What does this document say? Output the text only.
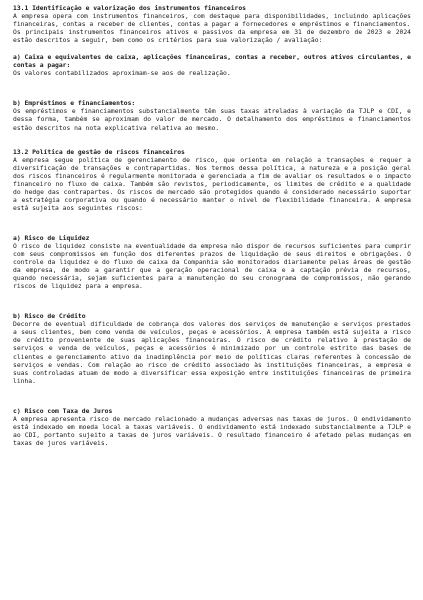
13.1 Identificação e valorização dos instrumentos financeiros

A empresa opera com instrumentos financeiros, com destaque para disponibilidades, incluindo aplicações financeiras, contas a receber de clientes, contas a pagar a fornecedores e empréstimos e financiamentos.

Os principais instrumentos financeiros ativos e passivos da empresa em 31 de dezembro de 2023 e 2024 estão descritos a seguir, bem como os critérios para sua valorização / avaliação:

a) Caixa e equivalentes de caixa, aplicações financeiras, contas a receber, outros ativos circulantes, e contas a pagar:

Os valores contabilizados aproximam-se aos de realização.

b) Empréstimos e financiamentos:

Os empréstimos e financiamentos substancialmente têm suas taxas atreladas à variação da TJLP e CDI, e dessa forma, também se aproximam do valor de mercado. O detalhamento dos empréstimos e financiamentos estão descritos na nota explicativa relativa ao mesmo.

13.2 Política de gestão de riscos financeiros

A empresa segue política de gerenciamento de risco, que orienta em relação a transações e requer a diversificação de transações e contrapartidas. Nos termos dessa política, a natureza e a posição geral dos riscos financeiros é regularmente monitorada e gerenciada a fim de avaliar os resultados e o impacto financeiro no fluxo de caixa. Também são revistos, periodicamente, os limites de crédito e a qualidade do hedge das contrapartes. Os riscos de mercado são protegidos quando é considerado necessário suportar a estratégia corporativa ou quando é necessário manter o nível de flexibilidade financeira. A empresa está sujeita aos seguintes riscos:

a) Risco de Liquidez

O risco de liquidez consiste na eventualidade da empresa não dispor de recursos suficientes para cumprir com seus compromissos em função dos diferentes prazos de liquidação de seus direitos e obrigações. O controle da liquidez e do fluxo de caixa da Companhia são monitorados diariamente pelas áreas de gestão da empresa, de modo a garantir que a geração operacional de caixa e a captação prévia de recursos, quando necessária, sejam suficientes para a manutenção do seu cronograma de compromissos, não gerando riscos de liquidez para a empresa.

b) Risco de Crédito

Decorre de eventual dificuldade de cobrança dos valores dos serviços de manutenção e serviços prestados a seus clientes, bem como venda de veículos, peças e acessórios. A empresa também está sujeita a risco de crédito proveniente de suas aplicações financeiras. O risco de crédito relativo à prestação de serviços e venda de veículos, peças e acessórios é minimizado por um controle estrito das bases de clientes e gerenciamento ativo da inadimplência por meio de políticas claras referentes à concessão de serviços e vendas. Com relação ao risco de crédito associado às instituições financeiras, a empresa e suas controladas atuam de modo a diversificar essa exposição entre instituições financeiras de primeira linha.

c) Risco com Taxa de Juros

A empresa apresenta risco de mercado relacionado a mudanças adversas nas taxas de juros. O endividamento está indexado em moeda local a taxas variáveis. O endividamento está indexado substancialmente a TJLP e ao CDI, portanto sujeito a taxas de juros variáveis. O resultado financeiro é afetado pelas mudanças em taxas de juros variáveis.
